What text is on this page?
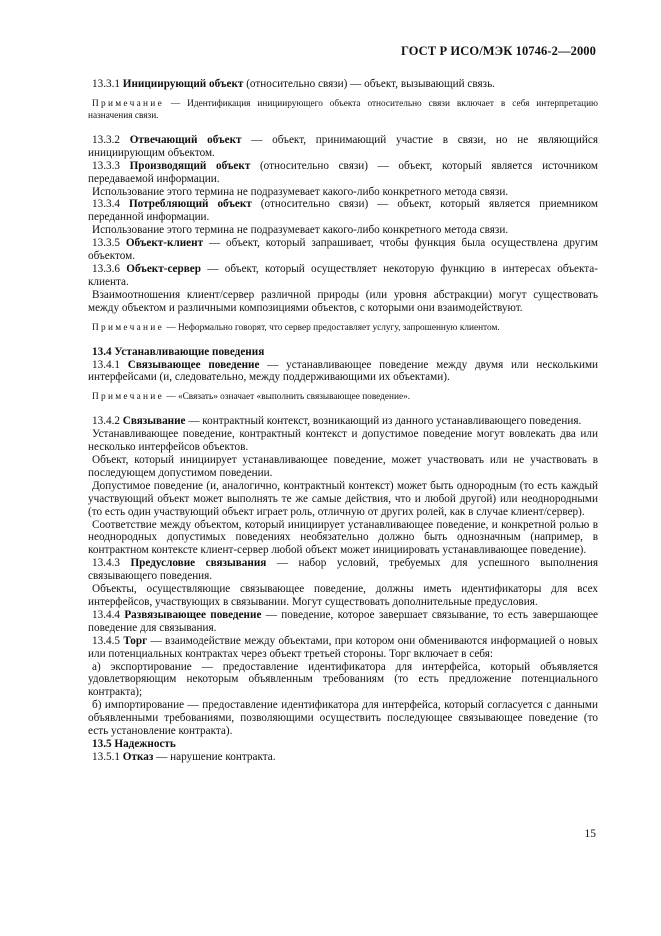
ГОСТ Р ИСО/МЭК 10746-2—2000

13.3.1 Инициирующий объект (относительно связи) — объект, вызывающий связь.

Примечание — Идентификация инициирующего объекта относительно связи включает в себя интерпретацию назначения связи.

13.3.2 Отвечающий объект — объект, принимающий участие в связи, но не являющийся инициирующим объектом.

13.3.3 Производящий объект (относительно связи) — объект, который является источником передаваемой информации.

Использование этого термина не подразумевает какого-либо конкретного метода связи.

13.3.4 Потребляющий объект (относительно связи) — объект, который является приемником переданной информации.

Использование этого термина не подразумевает какого-либо конкретного метода связи.

13.3.5 Объект-клиент — объект, который запрашивает, чтобы функция была осуществлена другим объектом.

13.3.6 Объект-сервер — объект, который осуществляет некоторую функцию в интересах объекта-клиента.

Взаимоотношения клиент/сервер различной природы (или уровня абстракции) могут существовать между объектом и различными композициями объектов, с которыми они взаимодействуют.

Примечание — Неформально говорят, что сервер предоставляет услугу, запрошенную клиентом.

13.4 Устанавливающие поведения

13.4.1 Связывающее поведение — устанавливающее поведение между двумя или несколькими интерфейсами (и, следовательно, между поддерживающими их объектами).

Примечание — «Связать» означает «выполнить связывающее поведение».

13.4.2 Связывание — контрактный контекст, возникающий из данного устанавливающего поведения.

Устанавливающее поведение, контрактный контекст и допустимое поведение могут вовлекать два или несколько интерфейсов объектов.

Объект, который инициирует устанавливающее поведение, может участвовать или не участвовать в последующем допустимом поведении.

Допустимое поведение (и, аналогично, контрактный контекст) может быть однородным (то есть каждый участвующий объект может выполнять те же самые действия, что и любой другой) или неоднородными (то есть один участвующий объект играет роль, отличную от других ролей, как в случае клиент/сервер).

Соответствие между объектом, который инициирует устанавливающее поведение, и конкретной ролью в неоднородных допустимых поведениях необязательно должно быть однозначным (например, в контрактном контексте клиент-сервер любой объект может инициировать устанавливающее поведение).

13.4.3 Предусловие связывания — набор условий, требуемых для успешного выполнения связывающего поведения.

Объекты, осуществляющие связывающее поведение, должны иметь идентификаторы для всех интерфейсов, участвующих в связывании. Могут существовать дополнительные предусловия.

13.4.4 Развязывающее поведение — поведение, которое завершает связывание, то есть завершающее поведение для связывания.

13.4.5 Торг — взаимодействие между объектами, при котором они обмениваются информацией о новых или потенциальных контрактах через объект третьей стороны. Торг включает в себя:

а) экспортирование — предоставление идентификатора для интерфейса, который объявляется удовлетворяющим некоторым объявленным требованиям (то есть предложение потенциального контракта);

б) импортирование — предоставление идентификатора для интерфейса, который согласуется с данными объявленными требованиями, позволяющими осуществить последующее связывающее поведение (то есть установление контракта).

13.5 Надежность

13.5.1 Отказ — нарушение контракта.

15
